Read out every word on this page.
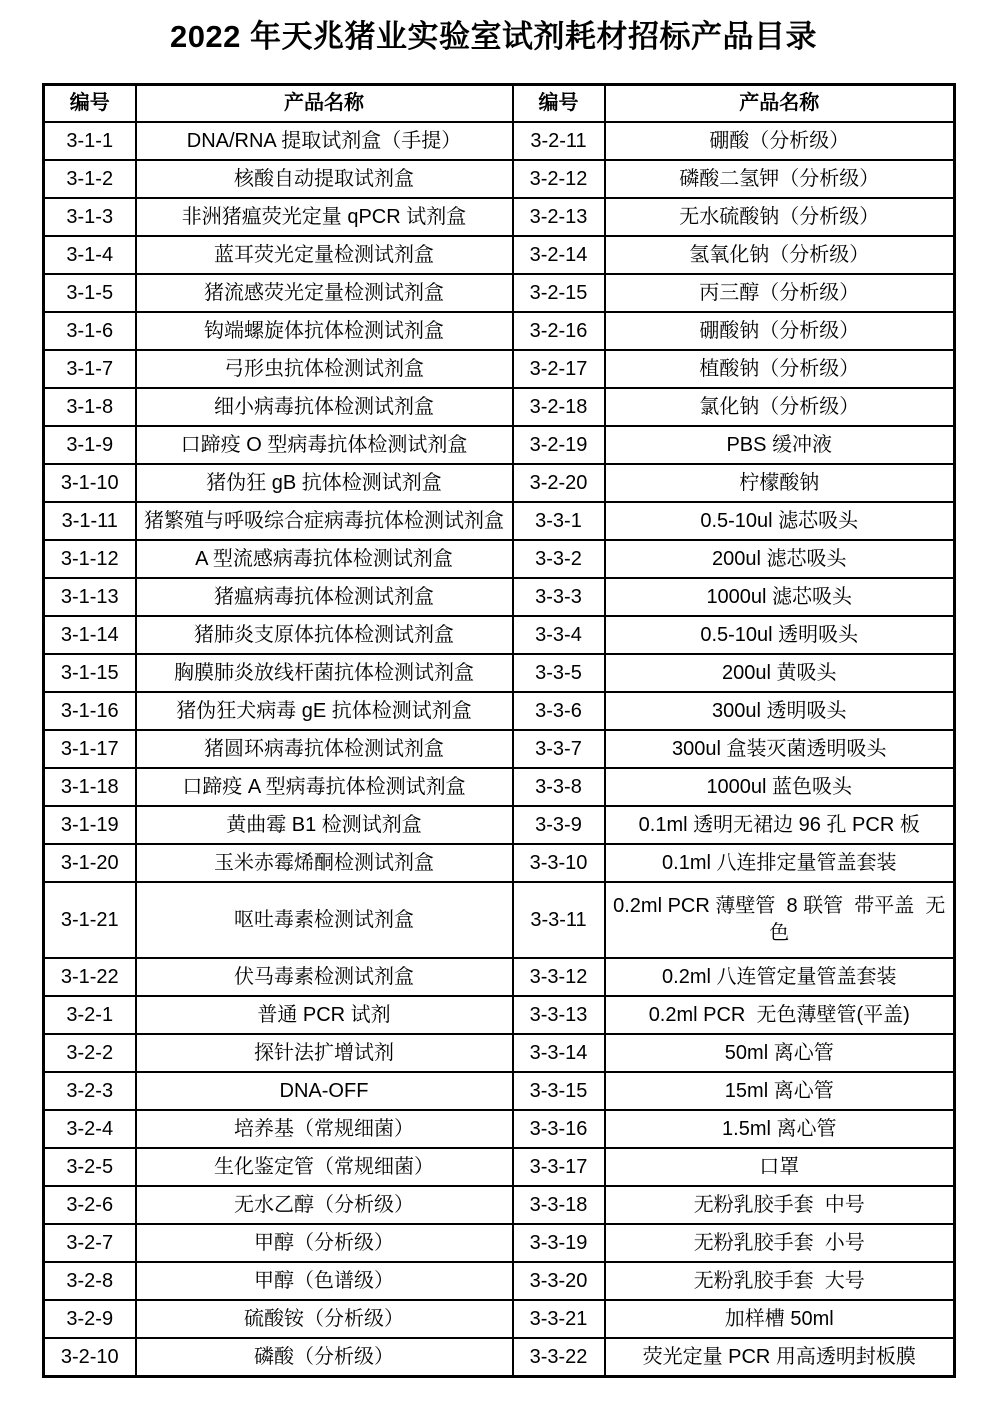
2022 年天兆猪业实验室试剂耗材招标产品目录
编号	产品名称	编号	产品名称
3-1-1	DNA/RNA 提取试剂盒（手提）	3-2-11	硼酸（分析级）
3-1-2	核酸自动提取试剂盒	3-2-12	磷酸二氢钾（分析级）
3-1-3	非洲猪瘟荧光定量 qPCR 试剂盒	3-2-13	无水硫酸钠（分析级）
3-1-4	蓝耳荧光定量检测试剂盒	3-2-14	氢氧化钠（分析级）
3-1-5	猪流感荧光定量检测试剂盒	3-2-15	丙三醇（分析级）
3-1-6	钩端螺旋体抗体检测试剂盒	3-2-16	硼酸钠（分析级）
3-1-7	弓形虫抗体检测试剂盒	3-2-17	植酸钠（分析级）
3-1-8	细小病毒抗体检测试剂盒	3-2-18	氯化钠（分析级）
3-1-9	口蹄疫 O 型病毒抗体检测试剂盒	3-2-19	PBS 缓冲液
3-1-10	猪伪狂 gB 抗体检测试剂盒	3-2-20	柠檬酸钠
3-1-11	猪繁殖与呼吸综合症病毒抗体检测试剂盒	3-3-1	0.5-10ul 滤芯吸头
3-1-12	A 型流感病毒抗体检测试剂盒	3-3-2	200ul 滤芯吸头
3-1-13	猪瘟病毒抗体检测试剂盒	3-3-3	1000ul 滤芯吸头
3-1-14	猪肺炎支原体抗体检测试剂盒	3-3-4	0.5-10ul 透明吸头
3-1-15	胸膜肺炎放线杆菌抗体检测试剂盒	3-3-5	200ul 黄吸头
3-1-16	猪伪狂犬病毒 gE 抗体检测试剂盒	3-3-6	300ul 透明吸头
3-1-17	猪圆环病毒抗体检测试剂盒	3-3-7	300ul 盒装灭菌透明吸头
3-1-18	口蹄疫 A 型病毒抗体检测试剂盒	3-3-8	1000ul 蓝色吸头
3-1-19	黄曲霉 B1 检测试剂盒	3-3-9	0.1ml 透明无裙边 96 孔 PCR 板
3-1-20	玉米赤霉烯酮检测试剂盒	3-3-10	0.1ml 八连排定量管盖套装
3-1-21	呕吐毒素检测试剂盒	3-3-11	0.2ml PCR 薄壁管  8 联管  带平盖  无色
3-1-22	伏马毒素检测试剂盒	3-3-12	0.2ml 八连管定量管盖套装
3-2-1	普通 PCR 试剂	3-3-13	0.2ml PCR  无色薄壁管(平盖)
3-2-2	探针法扩增试剂	3-3-14	50ml 离心管
3-2-3	DNA-OFF	3-3-15	15ml 离心管
3-2-4	培养基（常规细菌）	3-3-16	1.5ml 离心管
3-2-5	生化鉴定管（常规细菌）	3-3-17	口罩
3-2-6	无水乙醇（分析级）	3-3-18	无粉乳胶手套  中号
3-2-7	甲醇（分析级）	3-3-19	无粉乳胶手套  小号
3-2-8	甲醇（色谱级）	3-3-20	无粉乳胶手套  大号
3-2-9	硫酸铵（分析级）	3-3-21	加样槽 50ml
3-2-10	磷酸（分析级）	3-3-22	荧光定量 PCR 用高透明封板膜
